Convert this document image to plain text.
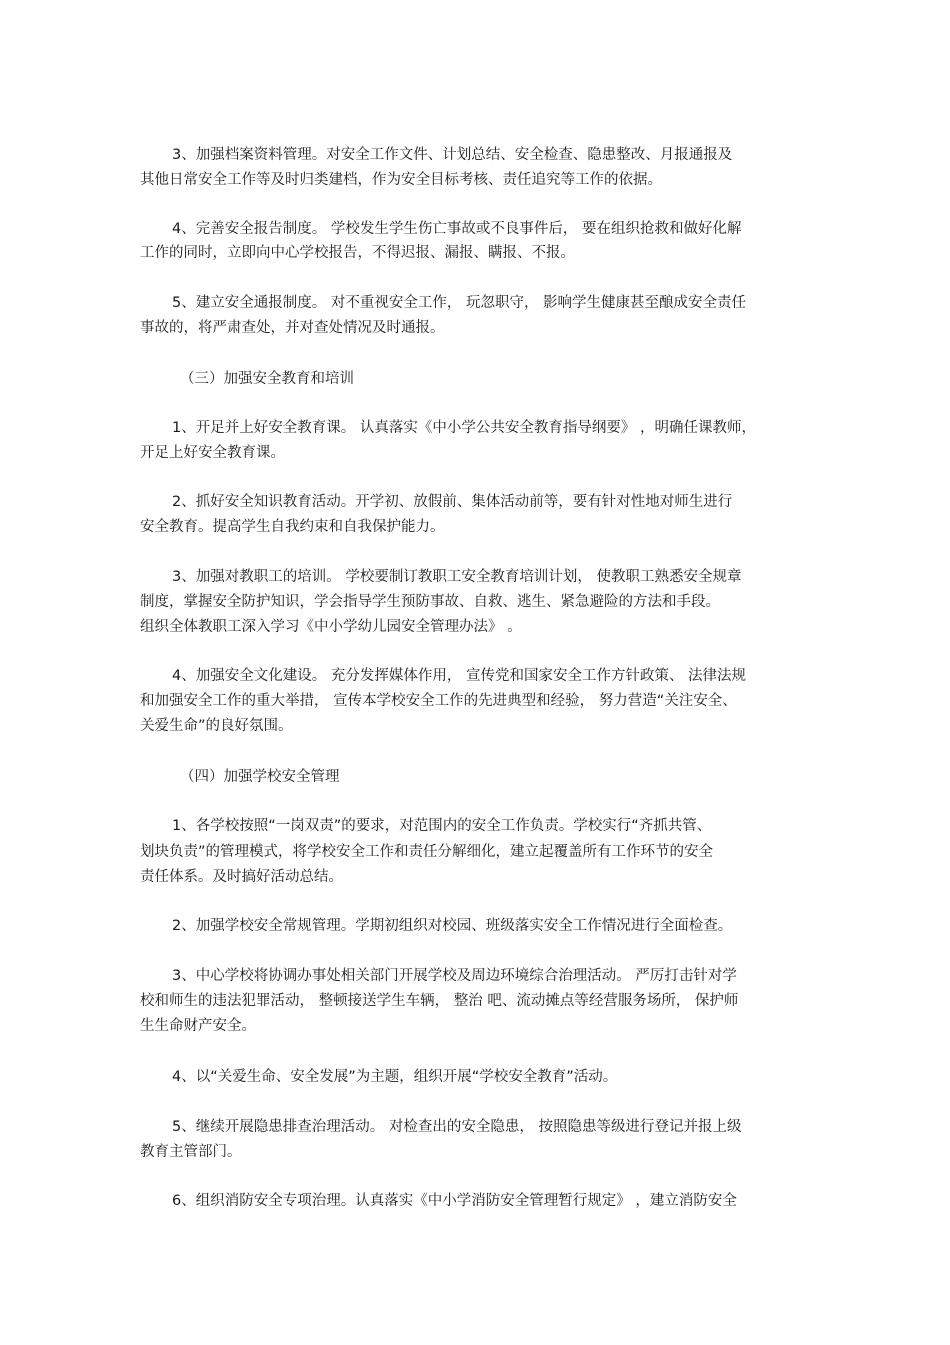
3、加强档案资料管理。对安全工作文件、计划总结、安全检查、隐患整改、月报通报及

其他日常安全工作等及时归类建档，作为安全目标考核、责任追究等工作的依据。

4、完善安全报告制度。 学校发生学生伤亡事故或不良事件后， 要在组织抢救和做好化解

工作的同时，立即向中心学校报告，不得迟报、漏报、瞒报、不报。

5、建立安全通报制度。 对不重视安全工作， 玩忽职守， 影响学生健康甚至酿成安全责任

事故的，将严肃查处，并对查处情况及时通报。

（三）加强安全教育和培训

1、开足并上好安全教育课。 认真落实《中小学公共安全教育指导纲要》 ，明确任课教师，

开足上好安全教育课。

2、抓好安全知识教育活动。开学初、放假前、集体活动前等，要有针对性地对师生进行

安全教育。提高学生自我约束和自我保护能力。

3、加强对教职工的培训。 学校要制订教职工安全教育培训计划， 使教职工熟悉安全规章

制度，掌握安全防护知识，学会指导学生预防事故、自救、逃生、紧急避险的方法和手段。

组织全体教职工深入学习《中小学幼儿园安全管理办法》 。

4、加强安全文化建设。 充分发挥媒体作用， 宣传党和国家安全工作方针政策、 法律法规

和加强安全工作的重大举措， 宣传本学校安全工作的先进典型和经验， 努力营造“关注安全、

关爱生命”的良好氛围。

（四）加强学校安全管理

1、各学校按照“一岗双责”的要求，对范围内的安全工作负责。学校实行“齐抓共管、

划块负责”的管理模式，将学校安全工作和责任分解细化，建立起覆盖所有工作环节的安全

责任体系。及时搞好活动总结。

2、加强学校安全常规管理。学期初组织对校园、班级落实安全工作情况进行全面检查。

3、中心学校将协调办事处相关部门开展学校及周边环境综合治理活动。 严厉打击针对学

校和师生的违法犯罪活动， 整顿接送学生车辆， 整治 吧、流动摊点等经营服务场所， 保护师

生生命财产安全。

4、以“关爱生命、安全发展”为主题，组织开展“学校安全教育”活动。

5、继续开展隐患排查治理活动。 对检查出的安全隐患， 按照隐患等级进行登记并报上级

教育主管部门。

6、组织消防安全专项治理。认真落实《中小学消防安全管理暂行规定》 ，建立消防安全
